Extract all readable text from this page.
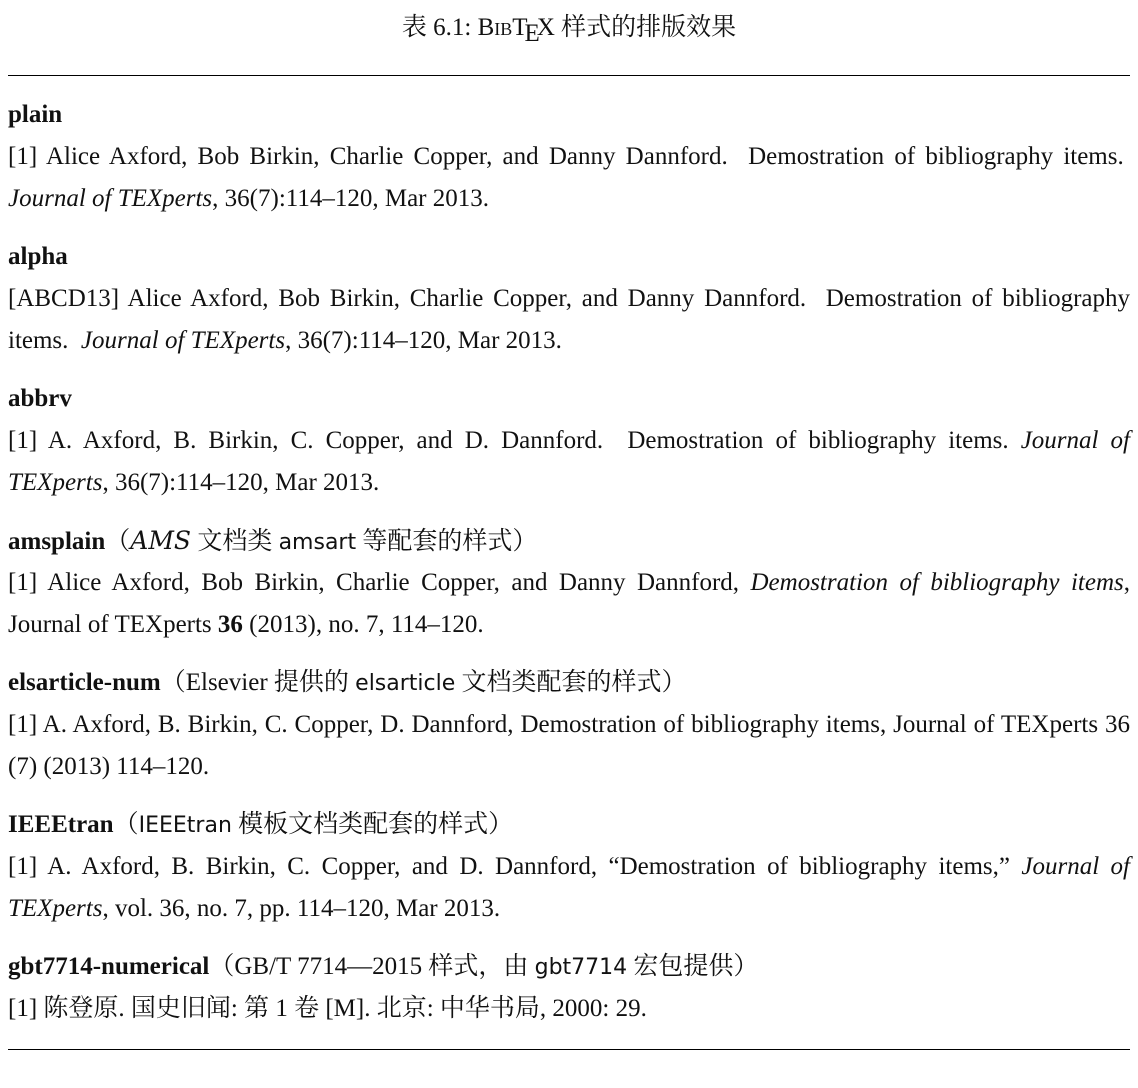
表 6.1: BibTEX 样式的排版效果
plain
[1] Alice Axford, Bob Birkin, Charlie Copper, and Danny Dannford. Demostration of bibliography items.  Journal of TEXperts, 36(7):114–120, Mar 2013.
alpha
[ABCD13] Alice Axford, Bob Birkin, Charlie Copper, and Danny Dannford. Demostration of bibliography items. Journal of TEXperts, 36(7):114–120, Mar 2013.
abbrv
[1] A. Axford, B. Birkin, C. Copper, and D. Dannford. Demostration of bibliography items. Journal of TEXperts, 36(7):114–120, Mar 2013.
amsplain（AMS 文档类 amsart 等配套的样式）
[1] Alice Axford, Bob Birkin, Charlie Copper, and Danny Dannford, Demostration of bibliography items, Journal of TEXperts 36 (2013), no. 7, 114–120.
elsarticle-num（Elsevier 提供的 elsarticle 文档类配套的样式）
[1] A. Axford, B. Birkin, C. Copper, D. Dannford, Demostration of bibliography items, Journal of TEXperts 36 (7) (2013) 114–120.
IEEEtran（IEEEtran 模板文档类配套的样式）
[1] A. Axford, B. Birkin, C. Copper, and D. Dannford, “Demostration of bibliography items,” Journal of TEXperts, vol. 36, no. 7, pp. 114–120, Mar 2013.
gbt7714-numerical（GB/T 7714—2015 样式，由 gbt7714 宏包提供）
[1] 陈登原. 国史旧闻: 第 1 卷 [M]. 北京: 中华书局, 2000: 29.
